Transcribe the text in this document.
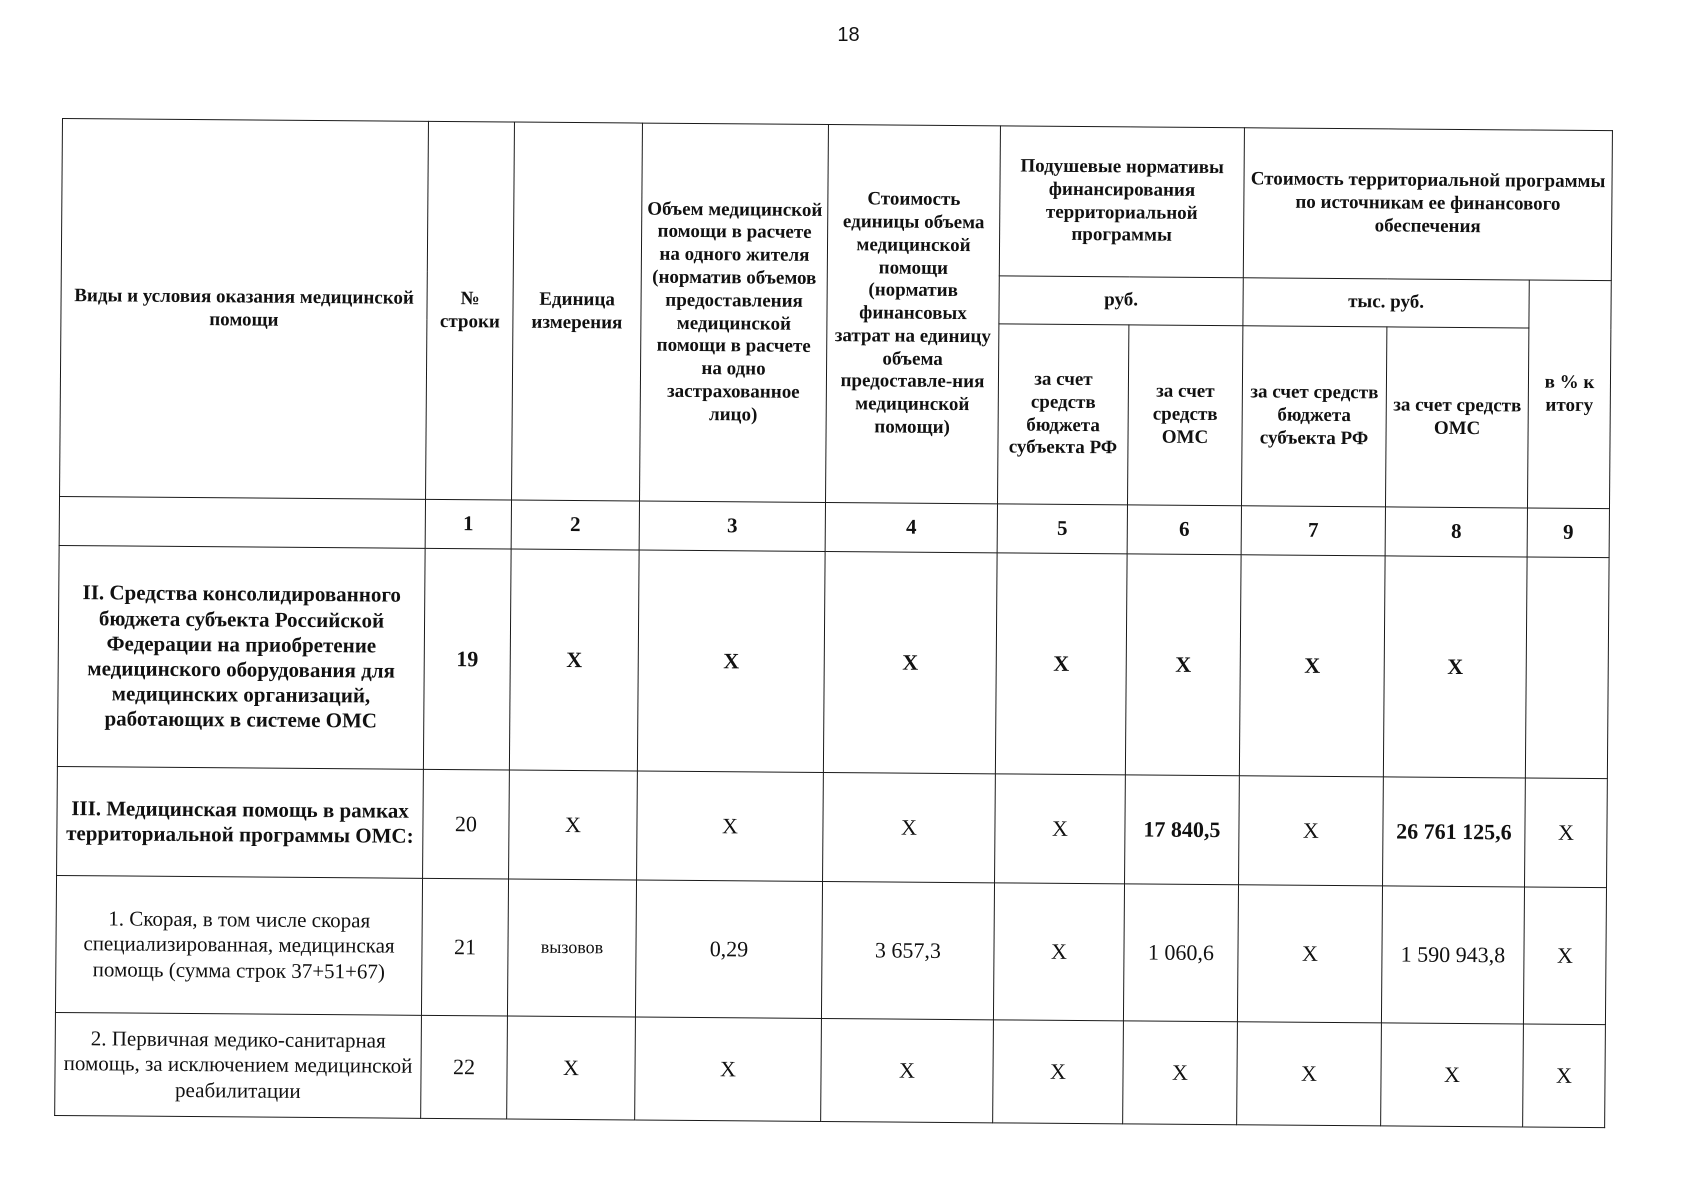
18
Виды и условия оказания медицинской помощи	№ строки	Единица измерения	Объем медицинской помощи в расчете на одного жителя (норматив объемов предоставления медицинской помощи в расчете на одно застрахованное лицо)	Стоимость единицы объема медицинской помощи (норматив финансовых затрат на единицу объема предоставле-ния медицинской помощи)	Подушевые нормативы финансирования территориальной программы		Стоимость территориальной программы по источникам ее финансового обеспечения		
					руб.		тыс. руб.		в % к итогу
					за счет средств бюджета субъекта РФ	за счет средств ОМС	за счет средств бюджета субъекта РФ	за счет средств ОМС	
	1	2	3	4	5	6	7	8	9
II. Средства консолидированного бюджета субъекта Российской Федерации на приобретение медицинского оборудования для медицинских организаций, работающих в системе ОМС	19	X	X	X	X	X	X	X	
III. Медицинская помощь в рамках территориальной программы ОМС:	20	X	X	X	X	17 840,5	X	26 761 125,6	X
1. Скорая, в том числе скорая специализированная, медицинская помощь (сумма строк 37+51+67)	21	вызовов	0,29	3 657,3	X	1 060,6	X	1 590 943,8	X
2. Первичная медико-санитарная помощь, за исключением медицинской реабилитации	22	X	X	X	X	X	X	X	X
